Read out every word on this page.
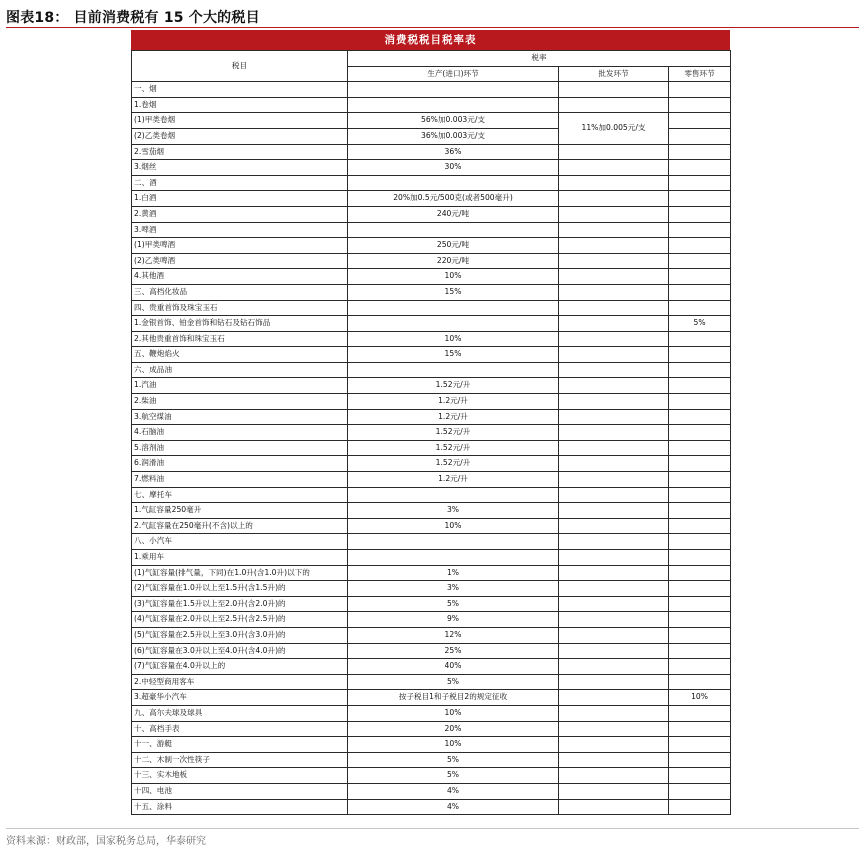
图表18： 目前消费税有 15 个大的税目
消费税税目税率表
税目	税率		
	生产(进口)环节	批发环节	零售环节
一、烟			
1.卷烟			
(1)甲类卷烟	56%加0.003元/支	11%加0.005元/支	
(2)乙类卷烟	36%加0.003元/支		
2.雪茄烟	36%		
3.烟丝	30%		
二、酒			
1.白酒	20%加0.5元/500克(或者500毫升)		
2.黄酒	240元/吨		
3.啤酒			
(1)甲类啤酒	250元/吨		
(2)乙类啤酒	220元/吨		
4.其他酒	10%		
三、高档化妆品	15%		
四、贵重首饰及珠宝玉石			
1.金银首饰、铂金首饰和钻石及钻石饰品			5%
2.其他贵重首饰和珠宝玉石	10%		
五、鞭炮焰火	15%		
六、成品油			
1.汽油	1.52元/升		
2.柴油	1.2元/升		
3.航空煤油	1.2元/升		
4.石脑油	1.52元/升		
5.溶剂油	1.52元/升		
6.润滑油	1.52元/升		
7.燃料油	1.2元/升		
七、摩托车			
1.气缸容量250毫升	3%		
2.气缸容量在250毫升(不含)以上的	10%		
八、小汽车			
1.乘用车			
(1)气缸容量(排气量，下同)在1.0升(含1.0升)以下的	1%		
(2)气缸容量在1.0升以上至1.5升(含1.5升)的	3%		
(3)气缸容量在1.5升以上至2.0升(含2.0升)的	5%		
(4)气缸容量在2.0升以上至2.5升(含2.5升)的	9%		
(5)气缸容量在2.5升以上至3.0升(含3.0升)的	12%		
(6)气缸容量在3.0升以上至4.0升(含4.0升)的	25%		
(7)气缸容量在4.0升以上的	40%		
2.中轻型商用客车	5%		
3.超豪华小汽车	按子税目1和子税目2的规定征收		10%
九、高尔夫球及球具	10%		
十、高档手表	20%		
十一、游艇	10%		
十二、木制一次性筷子	5%		
十三、实木地板	5%		
十四、电池	4%		
十五、涂料	4%		
资料来源：财政部，国家税务总局，华泰研究
